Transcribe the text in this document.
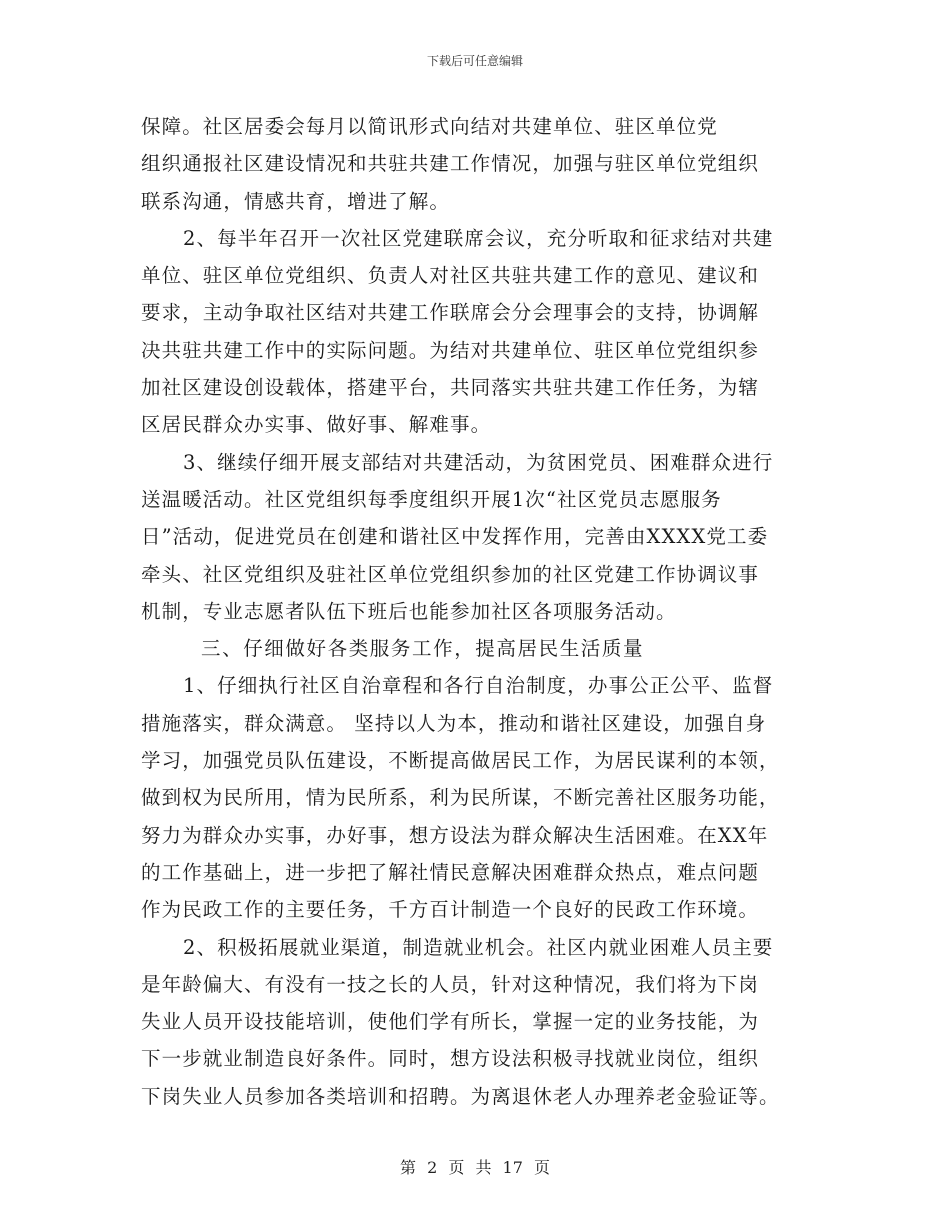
下载后可任意编辑
保障。社区居委会每月以简讯形式向结对共建单位、驻区单位党
组织通报社区建设情况和共驻共建工作情况，加强与驻区单位党组织
联系沟通，情感共育，增进了解。
2、每半年召开一次社区党建联席会议，充分听取和征求结对共建
单位、驻区单位党组织、负责人对社区共驻共建工作的意见、建议和
要求，主动争取社区结对共建工作联席会分会理事会的支持，协调解
决共驻共建工作中的实际问题。为结对共建单位、驻区单位党组织参
加社区建设创设载体，搭建平台，共同落实共驻共建工作任务，为辖
区居民群众办实事、做好事、解难事。
3、继续仔细开展支部结对共建活动，为贫困党员、困难群众进行
送温暖活动。社区党组织每季度组织开展1次“社区党员志愿服务
日”活动，促进党员在创建和谐社区中发挥作用，完善由XXXX党工委
牵头、社区党组织及驻社区单位党组织参加的社区党建工作协调议事
机制，专业志愿者队伍下班后也能参加社区各项服务活动。
三、仔细做好各类服务工作，提高居民生活质量
1、仔细执行社区自治章程和各行自治制度，办事公正公平、监督
措施落实，群众满意。 坚持以人为本，推动和谐社区建设，加强自身
学习，加强党员队伍建设，不断提高做居民工作，为居民谋利的本领，
做到权为民所用，情为民所系，利为民所谋，不断完善社区服务功能，
努力为群众办实事，办好事，想方设法为群众解决生活困难。在XX年
的工作基础上，进一步把了解社情民意解决困难群众热点，难点问题
作为民政工作的主要任务，千方百计制造一个良好的民政工作环境。
2、积极拓展就业渠道，制造就业机会。社区内就业困难人员主要
是年龄偏大、有没有一技之长的人员，针对这种情况，我们将为下岗
失业人员开设技能培训，使他们学有所长，掌握一定的业务技能，为
下一步就业制造良好条件。同时，想方设法积极寻找就业岗位，组织
下岗失业人员参加各类培训和招聘。为离退休老人办理养老金验证等。
第 2 页 共 17 页
